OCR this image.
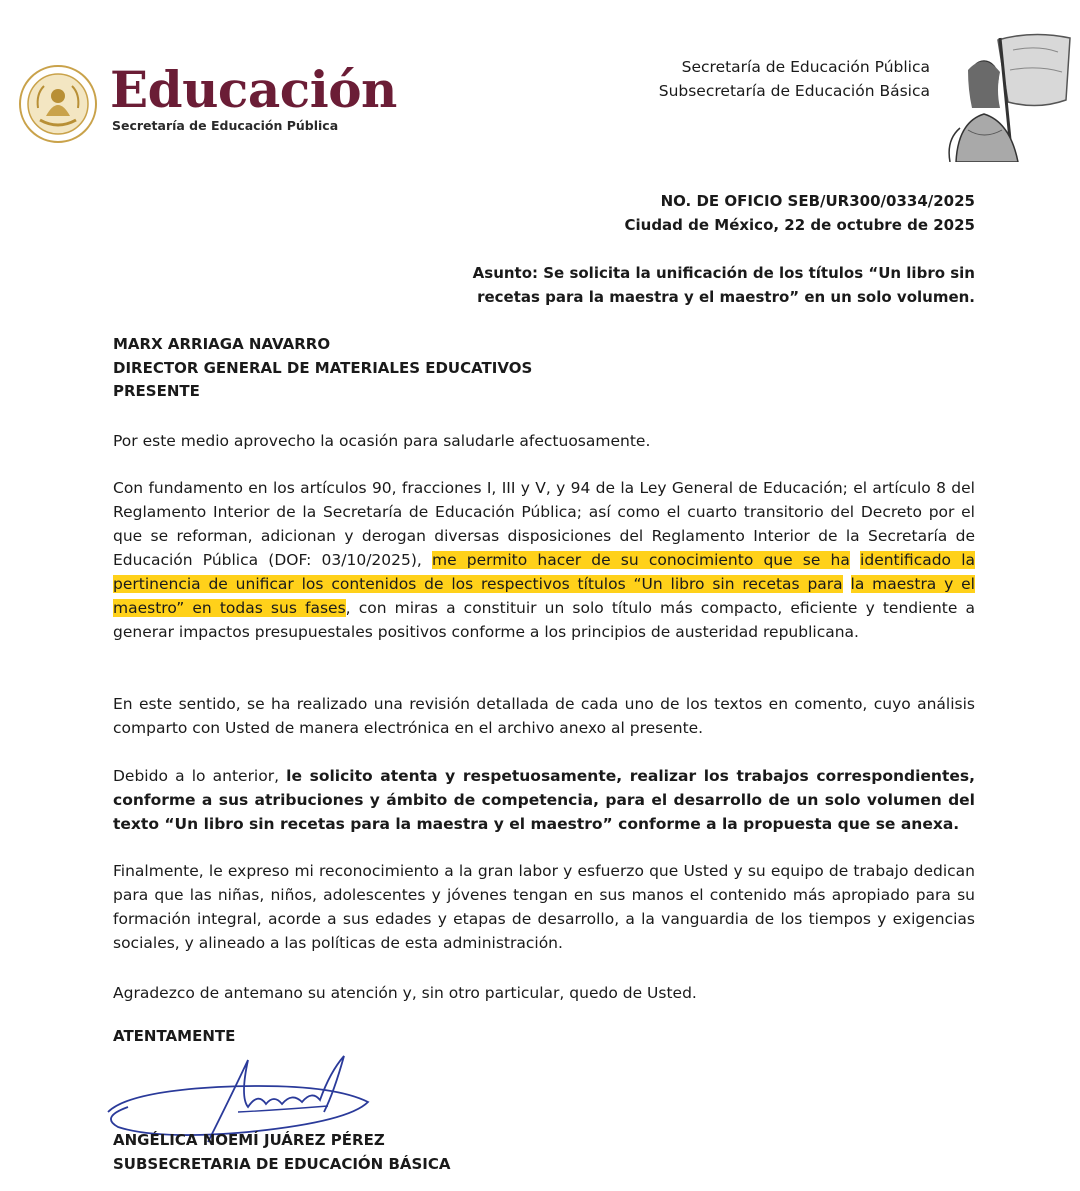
Educación
Secretaría de Educación Pública
Secretaría de Educación Pública
Subsecretaría de Educación Básica
NO. DE OFICIO SEB/UR300/0334/2025
Ciudad de México, 22 de octubre de 2025
Asunto: Se solicita la unificación de los títulos “Un libro sin
recetas para la maestra y el maestro” en un solo volumen.
MARX ARRIAGA NAVARRO
DIRECTOR GENERAL DE MATERIALES EDUCATIVOS
PRESENTE
Por este medio aprovecho la ocasión para saludarle afectuosamente.

Con fundamento en los artículos 90, fracciones I, III y V, y 94 de la Ley General de Educación; el artículo 8 del Reglamento Interior de la Secretaría de Educación Pública; así como el cuarto transitorio del Decreto por el que se reforman, adicionan y derogan diversas disposiciones del Reglamento Interior de la Secretaría de Educación Pública (DOF: 03/10/2025), me permito hacer de su conocimiento que se ha identificado la pertinencia de unificar los contenidos de los respectivos títulos “Un libro sin recetas para la maestra y el maestro” en todas sus fases, con miras a constituir un solo título más compacto, eficiente y tendiente a generar impactos presupuestales positivos conforme a los principios de austeridad republicana.

En este sentido, se ha realizado una revisión detallada de cada uno de los textos en comento, cuyo análisis comparto con Usted de manera electrónica en el archivo anexo al presente.

Debido a lo anterior, le solicito atenta y respetuosamente, realizar los trabajos correspondientes, conforme a sus atribuciones y ámbito de competencia, para el desarrollo de un solo volumen del texto “Un libro sin recetas para la maestra y el maestro” conforme a la propuesta que se anexa.

Finalmente, le expreso mi reconocimiento a la gran labor y esfuerzo que Usted y su equipo de trabajo dedican para que las niñas, niños, adolescentes y jóvenes tengan en sus manos el contenido más apropiado para su formación integral, acorde a sus edades y etapas de desarrollo, a la vanguardia de los tiempos y exigencias sociales, y alineado a las políticas de esta administración.
Agradezco de antemano su atención y, sin otro particular, quedo de Usted.
ATENTAMENTE
ANGÉLICA NOEMÍ JUÁREZ PÉREZ
SUBSECRETARIA DE EDUCACIÓN BÁSICA
